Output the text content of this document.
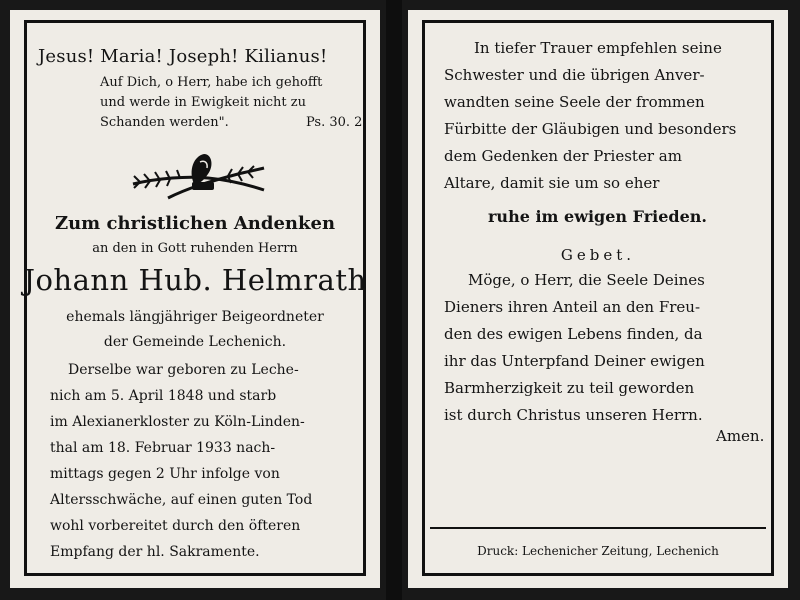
Jesus! Maria! Joseph! Kilianus!
Auf Dich, o Herr, habe ich gehofft
und werde in Ewigkeit nicht zu
Schanden werden".	Ps. 30. 2.
Zum christlichen Andenken
an den in Gott ruhenden Herrn
Johann Hub. Helmrath
ehemals längjähriger Beigeordneter
der Gemeinde Lechenich.
Derselbe war geboren zu Leche-
nich am 5. April 1848 und starb
im Alexianerkloster zu Köln-Linden-
thal am 18. Februar 1933 nach-
mittags gegen 2 Uhr infolge von
Altersschwäche, auf einen guten Tod
wohl vorbereitet durch den öfteren
Empfang der hl. Sakramente.
In tiefer Trauer empfehlen seine
Schwester und die übrigen Anver-
wandten seine Seele der frommen
Fürbitte der Gläubigen und besonders
dem Gedenken der Priester am
Altare, damit sie um so eher
ruhe im ewigen Frieden.
Gebet.
Möge, o Herr, die Seele Deines
Dieners ihren Anteil an den Freu-
den des ewigen Lebens finden, da
ihr das Unterpfand Deiner ewigen
Barmherzigkeit zu teil geworden
ist durch Christus unseren Herrn.
Amen.
Druck: Lechenicher Zeitung, Lechenich
